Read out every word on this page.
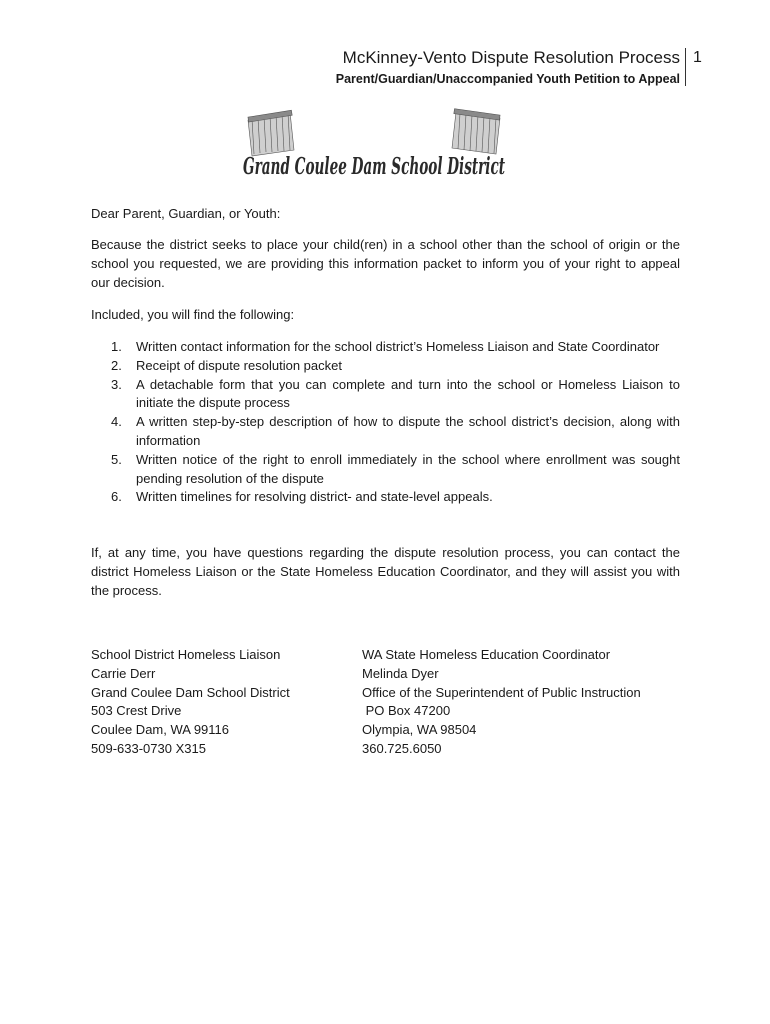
McKinney-Vento Dispute Resolution Process
Parent/Guardian/Unaccompanied Youth Petition to Appeal
1
Grand Coulee Dam School District
Dear Parent, Guardian, or Youth:
Because the district seeks to place your child(ren) in a school other than the school of origin or the school you requested, we are providing this information packet to inform you of your right to appeal our decision.
Included, you will find the following:
1. Written contact information for the school district’s Homeless Liaison and State Coordinator
2. Receipt of dispute resolution packet
3. A detachable form that you can complete and turn into the school or Homeless Liaison to initiate the dispute process
4. A written step-by-step description of how to dispute the school district’s decision, along with information
5. Written notice of the right to enroll immediately in the school where enrollment was sought pending resolution of the dispute
6. Written timelines for resolving district- and state-level appeals.
If, at any time, you have questions regarding the dispute resolution process, you can contact the district Homeless Liaison or the State Homeless Education Coordinator, and they will assist you with the process.
School District Homeless Liaison
Carrie Derr
Grand Coulee Dam School District
503 Crest Drive
Coulee Dam, WA 99116
509-633-0730 X315
WA State Homeless Education Coordinator
Melinda Dyer
Office of the Superintendent of Public Instruction
PO Box 47200
Olympia, WA 98504
360.725.6050
